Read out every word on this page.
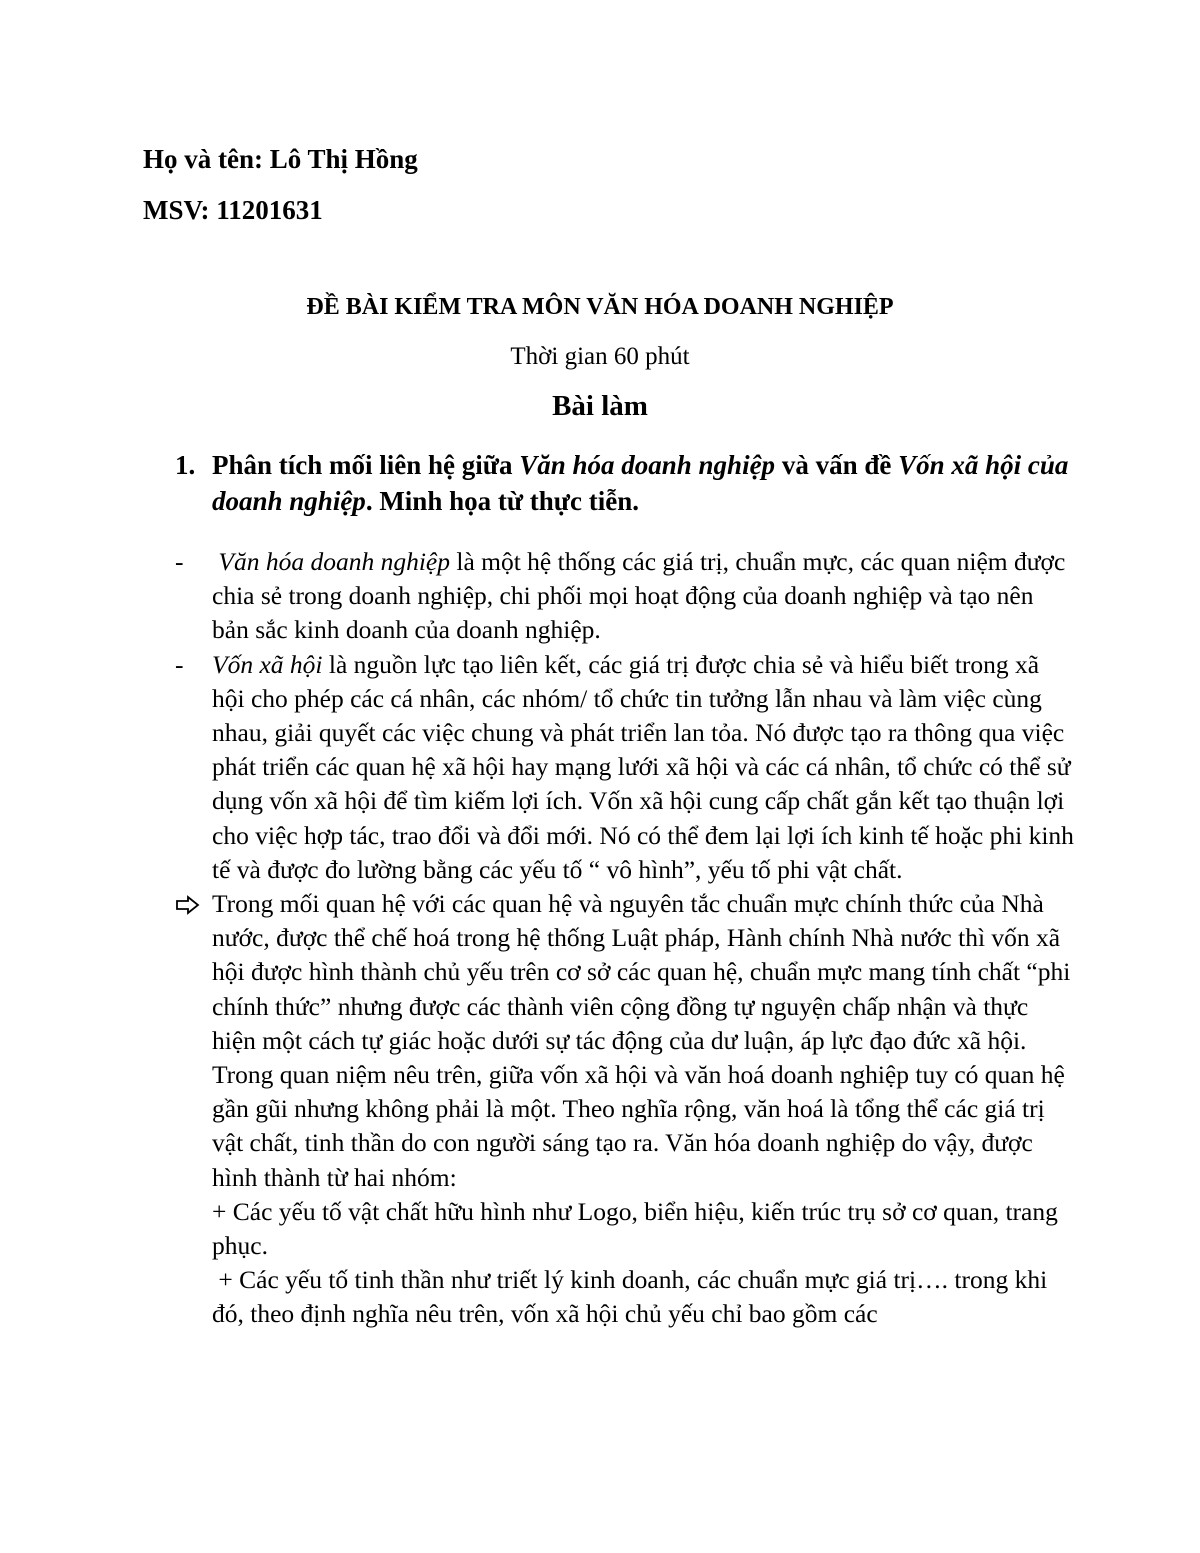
Họ và tên: Lô Thị Hồng
MSV: 11201631
ĐỀ BÀI KIỂM TRA MÔN VĂN HÓA DOANH NGHIỆP
Thời gian 60 phút
Bài làm
1. Phân tích mối liên hệ giữa Văn hóa doanh nghiệp và vấn đề Vốn xã hội của doanh nghiệp. Minh họa từ thực tiễn.
-	Văn hóa doanh nghiệp là một hệ thống các giá trị, chuẩn mực, các quan niệm được chia sẻ trong doanh nghiệp, chi phối mọi hoạt động của doanh nghiệp và tạo nên bản sắc kinh doanh của doanh nghiệp.

-	Vốn xã hội là nguồn lực tạo liên kết, các giá trị được chia sẻ và hiểu biết trong xã hội cho phép các cá nhân, các nhóm/ tổ chức tin tưởng lẫn nhau và làm việc cùng nhau, giải quyết các việc chung và phát triển lan tỏa. Nó được tạo ra thông qua việc phát triển các quan hệ xã hội hay mạng lưới xã hội và các cá nhân, tổ chức có thể sử dụng vốn xã hội để tìm kiếm lợi ích. Vốn xã hội cung cấp chất gắn kết tạo thuận lợi cho việc hợp tác, trao đổi và đổi mới. Nó có thể đem lại lợi ích kinh tế hoặc phi kinh tế và được đo lường bằng các yếu tố “ vô hình”, yếu tố phi vật chất.

Trong mối quan hệ với các quan hệ và nguyên tắc chuẩn mực chính thức của Nhà nước, được thể chế hoá trong hệ thống Luật pháp, Hành chính Nhà nước thì vốn xã hội được hình thành chủ yếu trên cơ sở các quan hệ, chuẩn mực mang tính chất “phi chính thức” nhưng được các thành viên cộng đồng tự nguyện chấp nhận và thực hiện một cách tự giác hoặc dưới sự tác động của dư luận, áp lực đạo đức xã hội.

Trong quan niệm nêu trên, giữa vốn xã hội và văn hoá doanh nghiệp tuy có quan hệ gần gũi nhưng không phải là một. Theo nghĩa rộng, văn hoá là tổng thể các giá trị vật chất, tinh thần do con người sáng tạo ra. Văn hóa doanh nghiệp do vậy, được hình thành từ hai nhóm:

+ Các yếu tố vật chất hữu hình như Logo, biển hiệu, kiến trúc trụ sở cơ quan, trang phục.

+ Các yếu tố tinh thần như triết lý kinh doanh, các chuẩn mực giá trị…. trong khi đó, theo định nghĩa nêu trên, vốn xã hội chủ yếu chỉ bao gồm các
